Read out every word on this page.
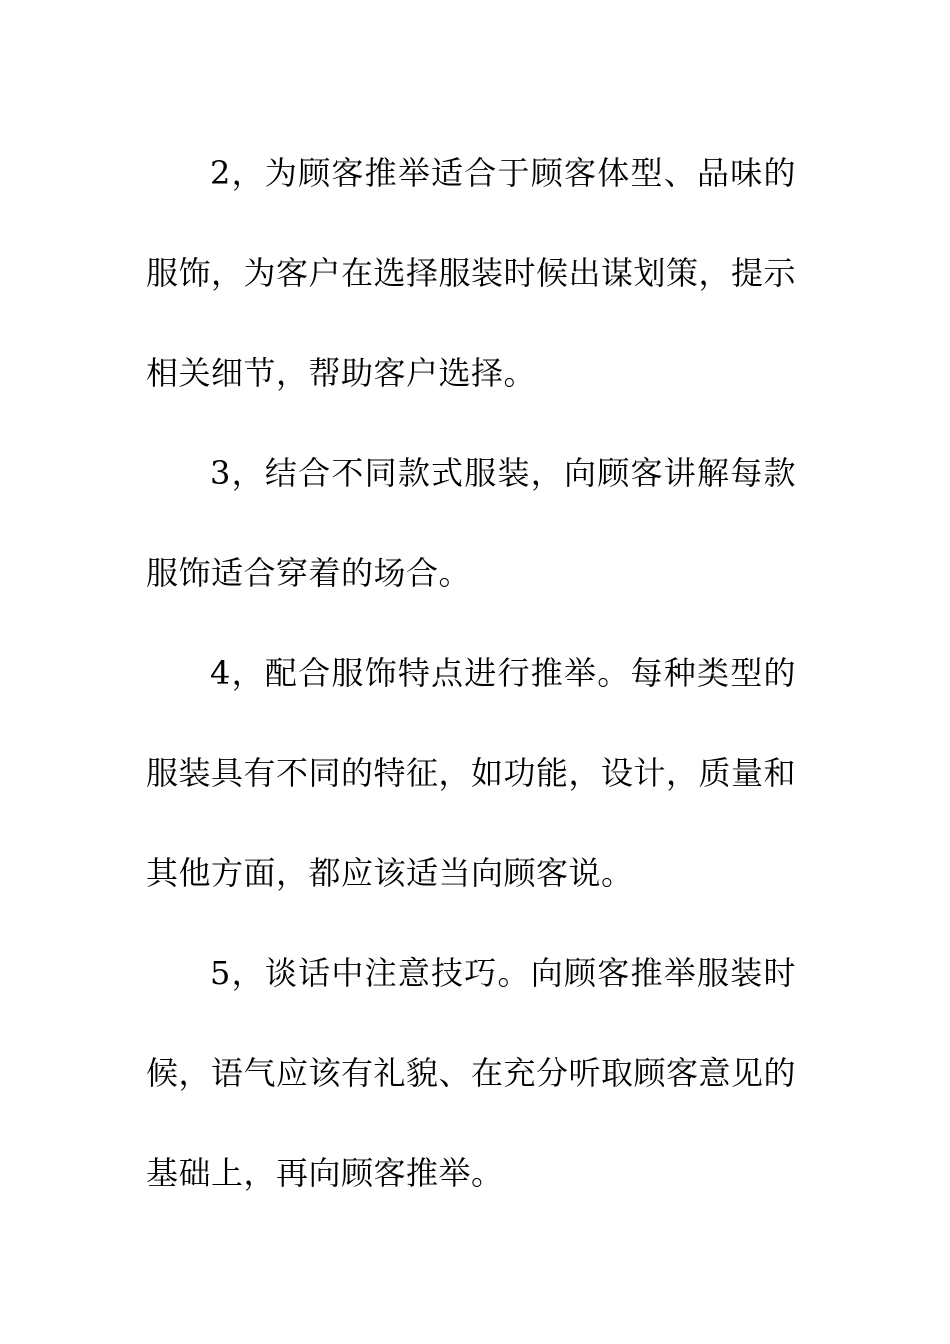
2，为顾客推举适合于顾客体型、品味的服饰，为客户在选择服装时候出谋划策，提示相关细节，帮助客户选择。

3，结合不同款式服装，向顾客讲解每款服饰适合穿着的场合。

4，配合服饰特点进行推举。每种类型的服装具有不同的特征，如功能，设计，质量和其他方面，都应该适当向顾客说。

5，谈话中注意技巧。向顾客推举服装时候，语气应该有礼貌、在充分听取顾客意见的基础上，再向顾客推举。
